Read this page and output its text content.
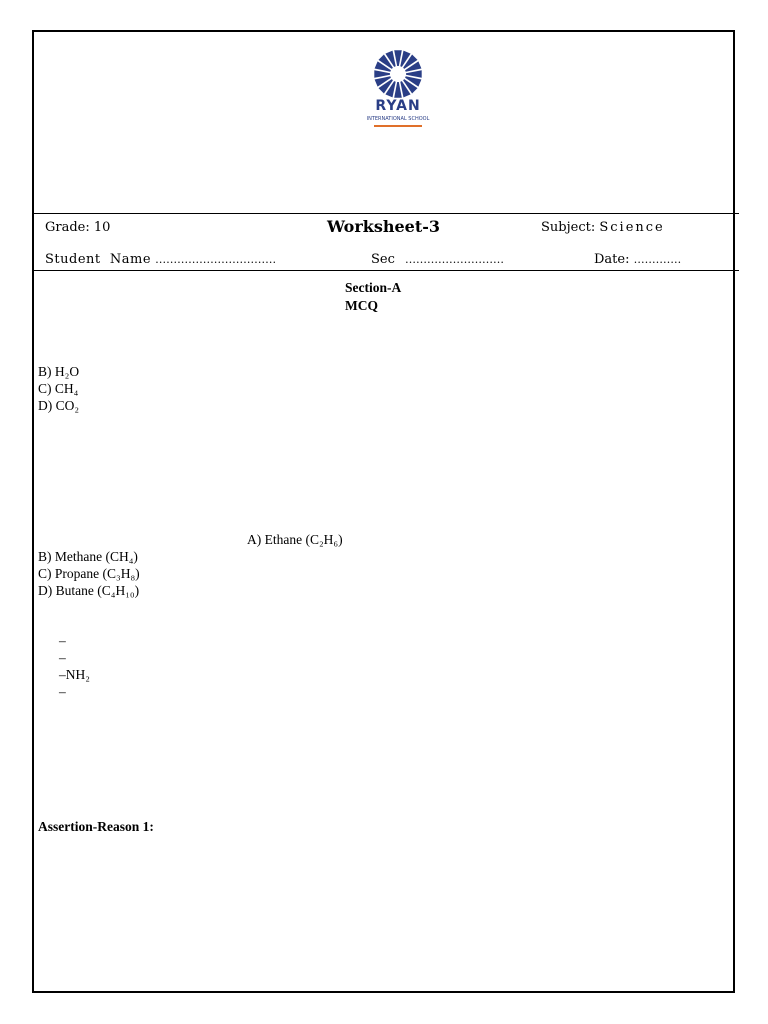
RYAN
INTERNATIONAL SCHOOL
Grade: 10	Worksheet-3	Subject: Science
Student  Name ……………………………	Sec ………………………	Date: ………….
Section-A
MCQ
B) H₂O
C) CH₄
D) CO₂
A) Ethane (C₂H₆)
B) Methane (CH₄)
C) Propane (C₃H₈)
D) Butane (C₄H₁₀)
–
–
–NH₂
–
Assertion-Reason 1:
